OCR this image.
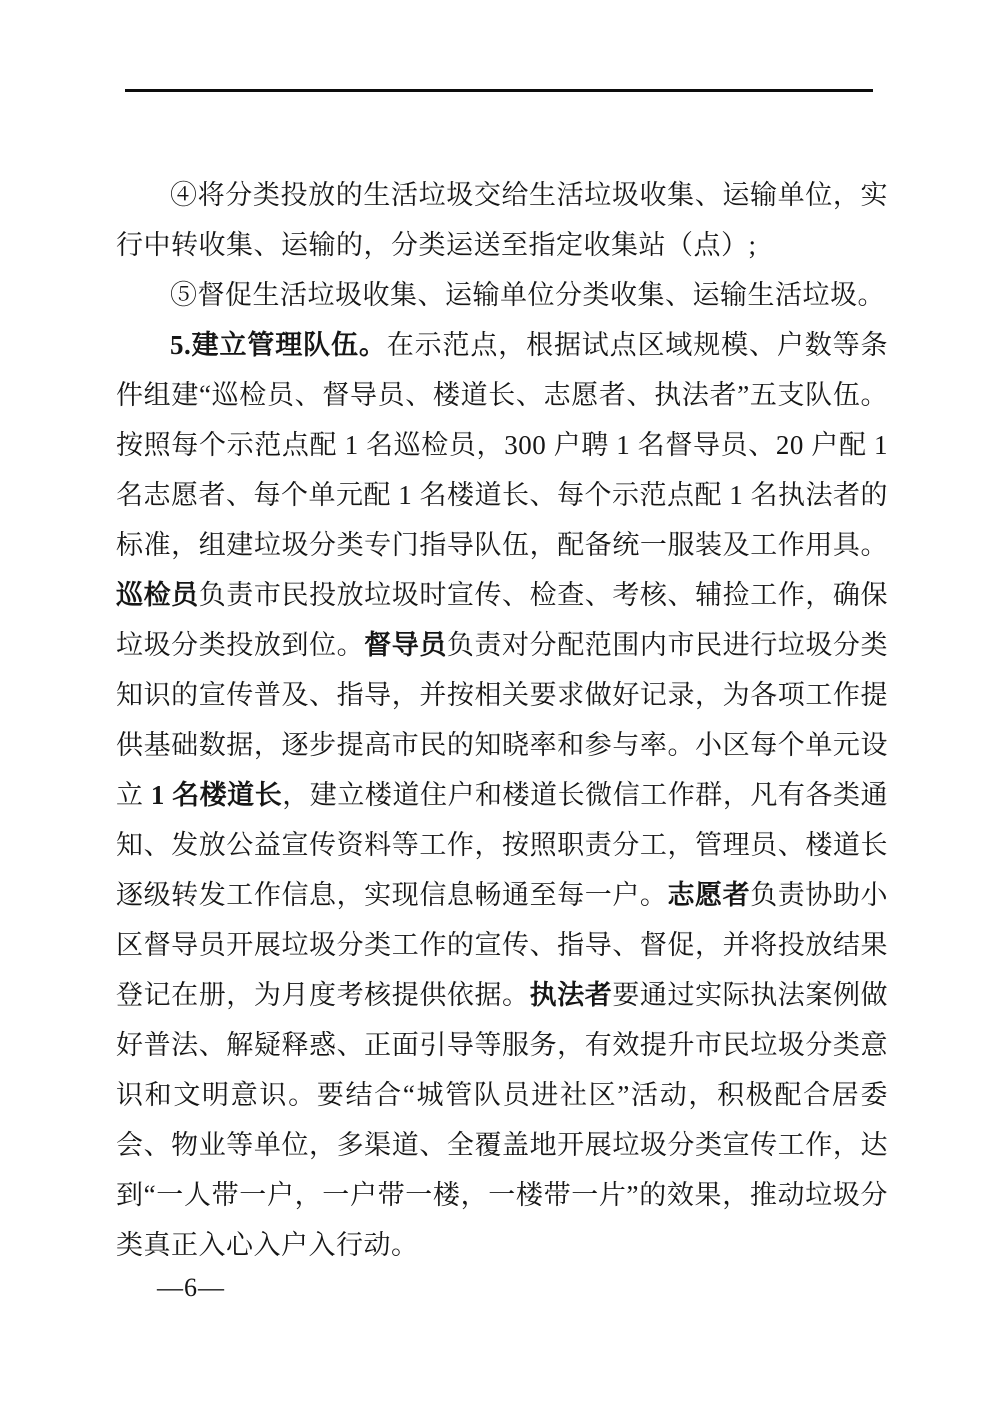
④将分类投放的生活垃圾交给生活垃圾收集、运输单位，实行中转收集、运输的，分类运送至指定收集站（点）;

⑤督促生活垃圾收集、运输单位分类收集、运输生活垃圾。

5.建立管理队伍。在示范点，根据试点区域规模、户数等条件组建“巡检员、督导员、楼道长、志愿者、执法者”五支队伍。按照每个示范点配 1 名巡检员，300 户聘 1 名督导员、20 户配 1 名志愿者、每个单元配 1 名楼道长、每个示范点配 1 名执法者的标准，组建垃圾分类专门指导队伍，配备统一服装及工作用具。巡检员负责市民投放垃圾时宣传、检查、考核、辅捡工作，确保垃圾分类投放到位。督导员负责对分配范围内市民进行垃圾分类知识的宣传普及、指导，并按相关要求做好记录，为各项工作提供基础数据，逐步提高市民的知晓率和参与率。小区每个单元设立 1 名楼道长，建立楼道住户和楼道长微信工作群，凡有各类通知、发放公益宣传资料等工作，按照职责分工，管理员、楼道长逐级转发工作信息，实现信息畅通至每一户。志愿者负责协助小区督导员开展垃圾分类工作的宣传、指导、督促，并将投放结果登记在册，为月度考核提供依据。执法者要通过实际执法案例做好普法、解疑释惑、正面引导等服务，有效提升市民垃圾分类意识和文明意识。要结合“城管队员进社区”活动，积极配合居委会、物业等单位，多渠道、全覆盖地开展垃圾分类宣传工作，达到“一人带一户，一户带一楼，一楼带一片”的效果，推动垃圾分类真正入心入户入行动。

—6—
